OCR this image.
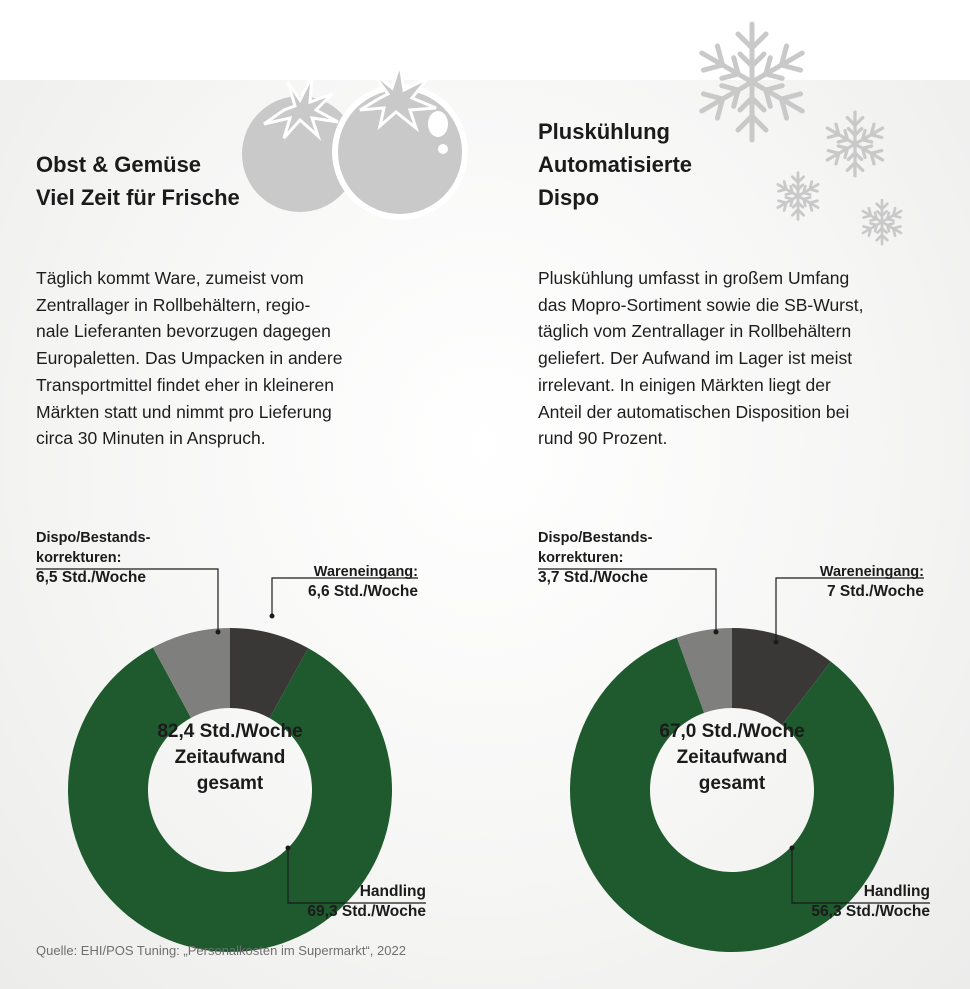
Obst & Gemüse
Viel Zeit für Frische
Pluskühlung
Automatisierte
Dispo
Täglich kommt Ware, zumeist vom
Zentrallager in Rollbehältern, regio-
nale Lieferanten bevorzugen dagegen
Europaletten. Das Umpacken in andere
Transportmittel findet eher in kleineren
Märkten statt und nimmt pro Lieferung
circa 30 Minuten in Anspruch.
Pluskühlung umfasst in großem Umfang
das Mopro-Sortiment sowie die SB-Wurst,
täglich vom Zentrallager in Rollbehältern
geliefert. Der Aufwand im Lager ist meist
irrelevant. In einigen Märkten liegt der
Anteil der automatischen Disposition bei
rund 90 Prozent.
Dispo/Bestands-
korrekturen:
6,5 Std./Woche	Wareneingang:
6,6 Std./Woche
Handling
69,3 Std./Woche
82,4 Std./Woche
Zeitaufwand
gesamt
Dispo/Bestands-
korrekturen:
3,7 Std./Woche	Wareneingang:
7 Std./Woche
Handling
56,3 Std./Woche
67,0 Std./Woche
Zeitaufwand
gesamt
Quelle: EHI/POS Tuning: „Personalkosten im Supermarkt“, 2022
